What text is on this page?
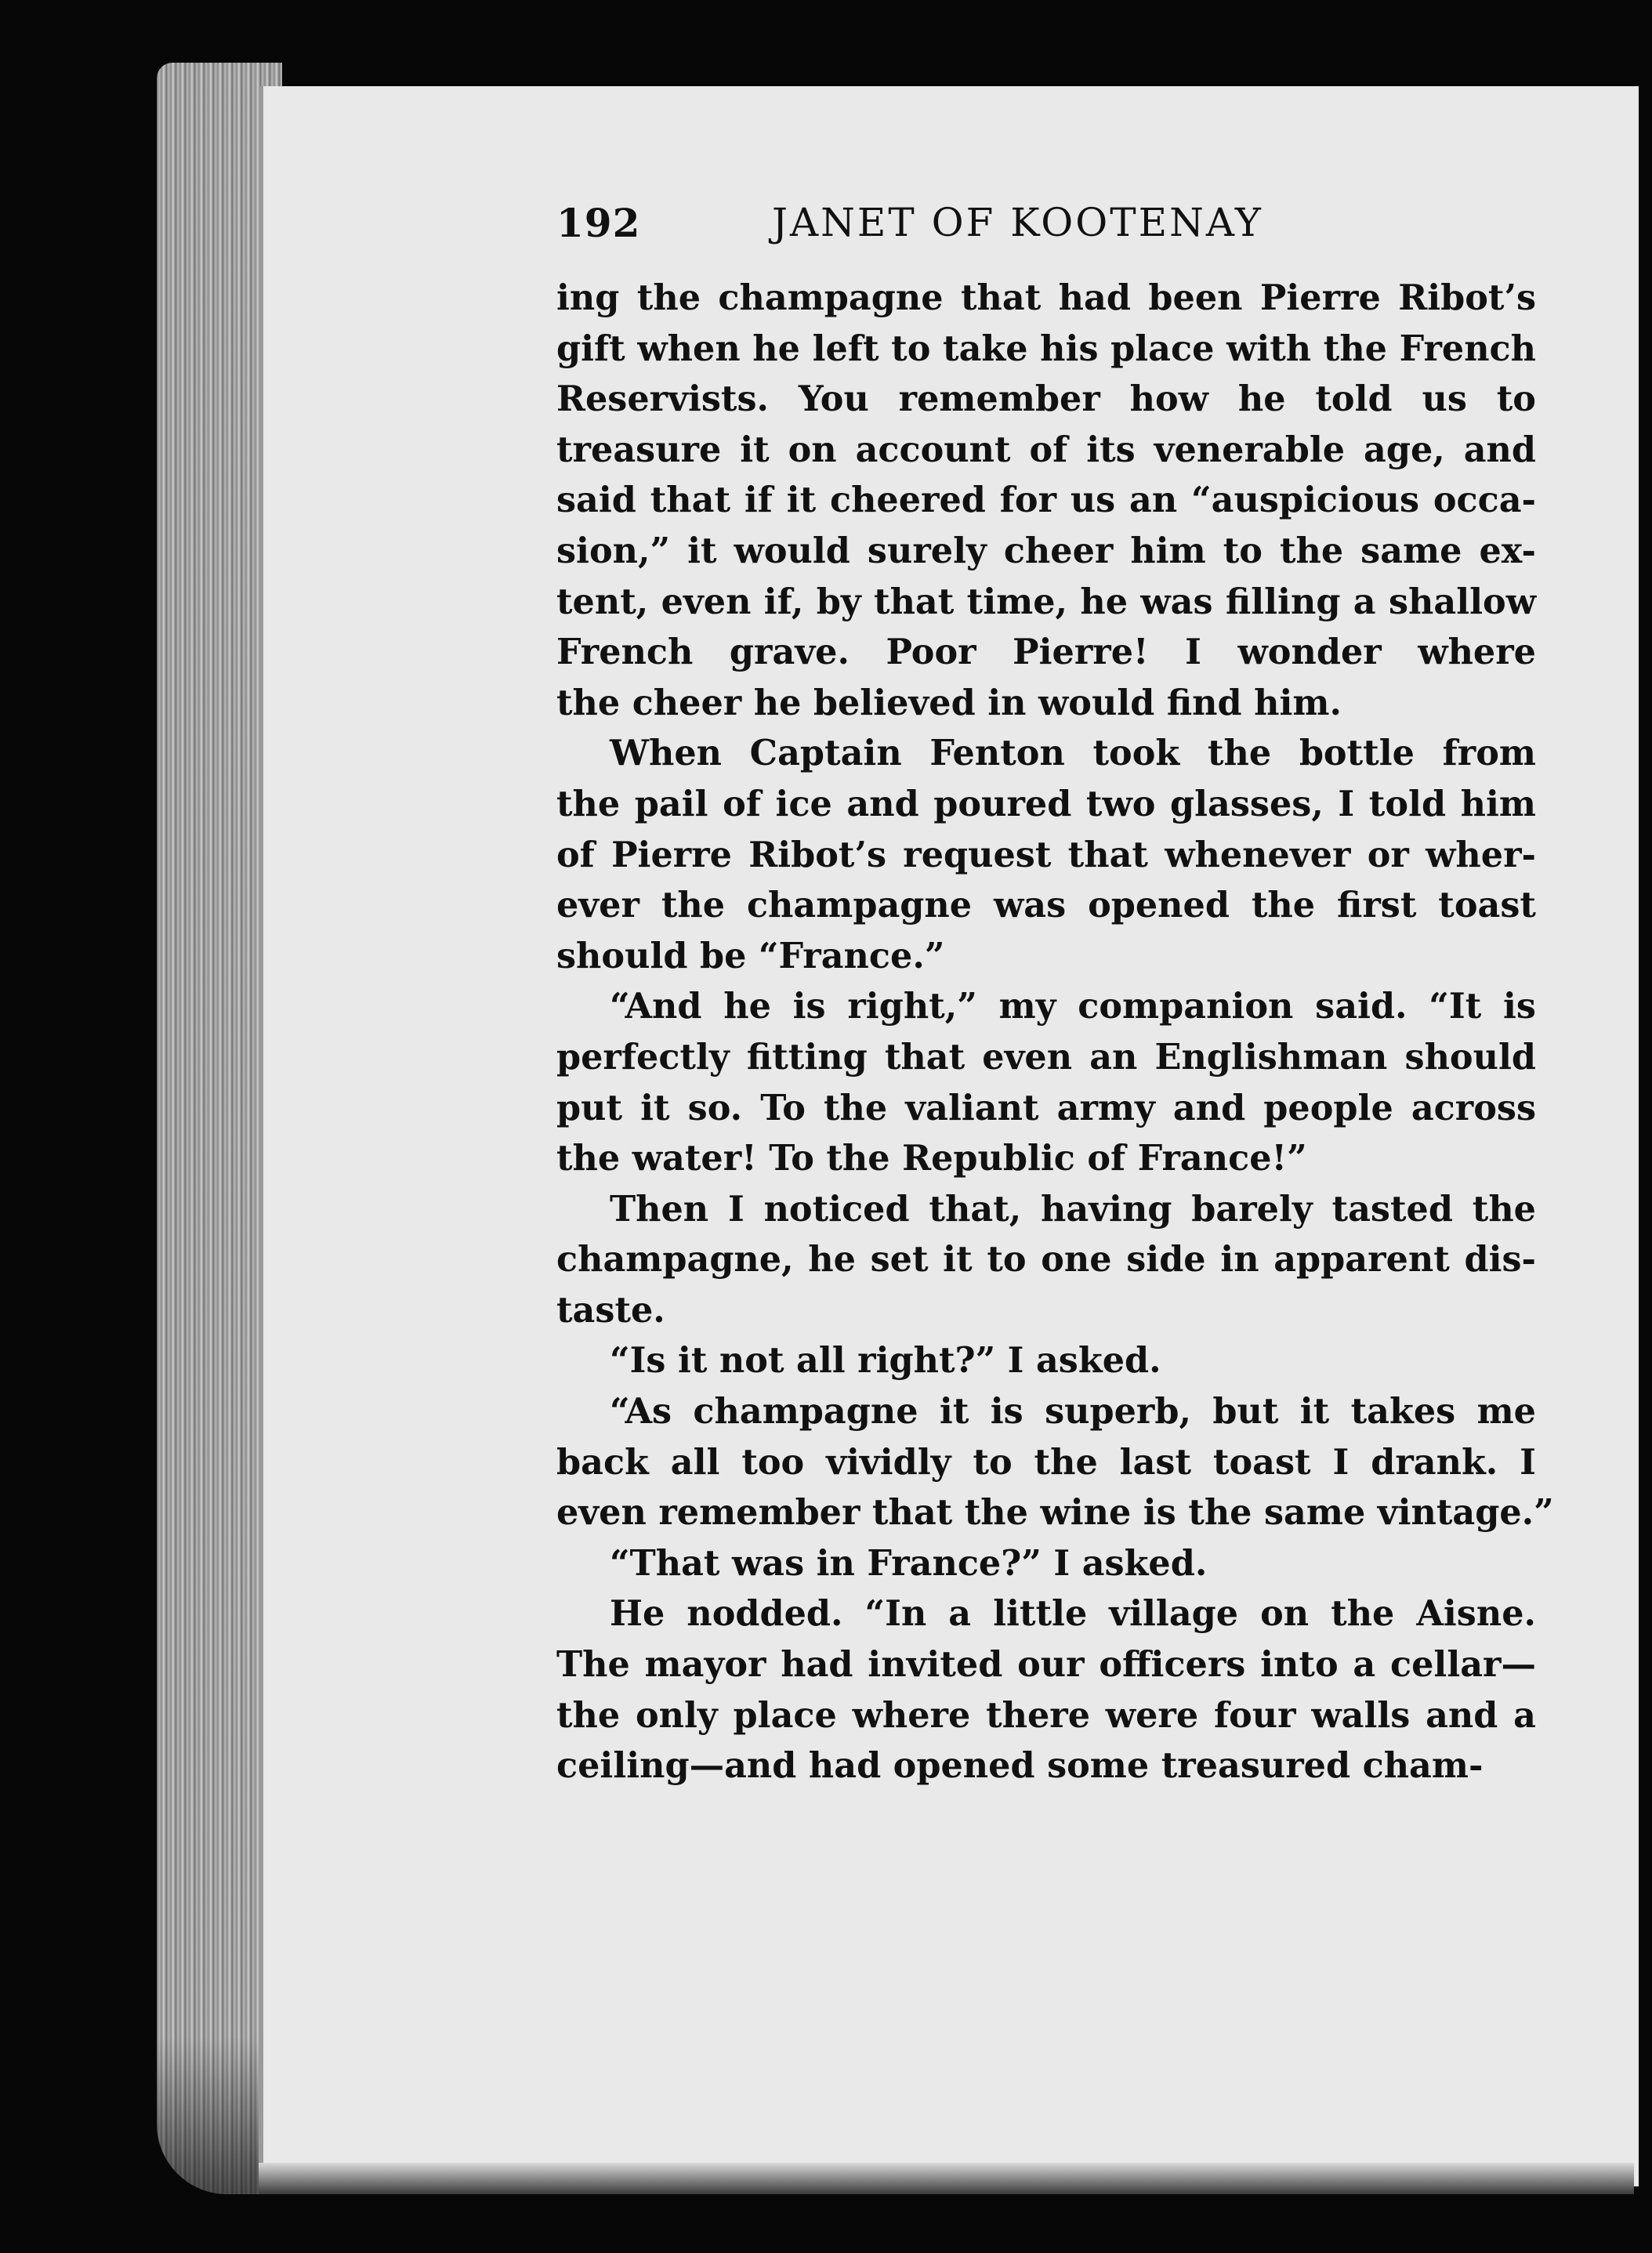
192	JANET OF KOOTENAY
ing the champagne that had been Pierre Ribot’s
gift when he left to take his place with the French
Reservists. You remember how he told us to
treasure it on account of its venerable age, and
said that if it cheered for us an “auspicious occa-
sion,” it would surely cheer him to the same ex-
tent, even if, by that time, he was filling a shallow
French grave. Poor Pierre! I wonder where
the cheer he believed in would find him.
When Captain Fenton took the bottle from
the pail of ice and poured two glasses, I told him
of Pierre Ribot’s request that whenever or wher-
ever the champagne was opened the first toast
should be “France.”
“And he is right,” my companion said. “It is
perfectly fitting that even an Englishman should
put it so. To the valiant army and people across
the water! To the Republic of France!”
Then I noticed that, having barely tasted the
champagne, he set it to one side in apparent dis-
taste.
“Is it not all right?” I asked.
“As champagne it is superb, but it takes me
back all too vividly to the last toast I drank. I
even remember that the wine is the same vintage.”
“That was in France?” I asked.
He nodded. “In a little village on the Aisne.
The mayor had invited our officers into a cellar—
the only place where there were four walls and a
ceiling—and had opened some treasured cham-
